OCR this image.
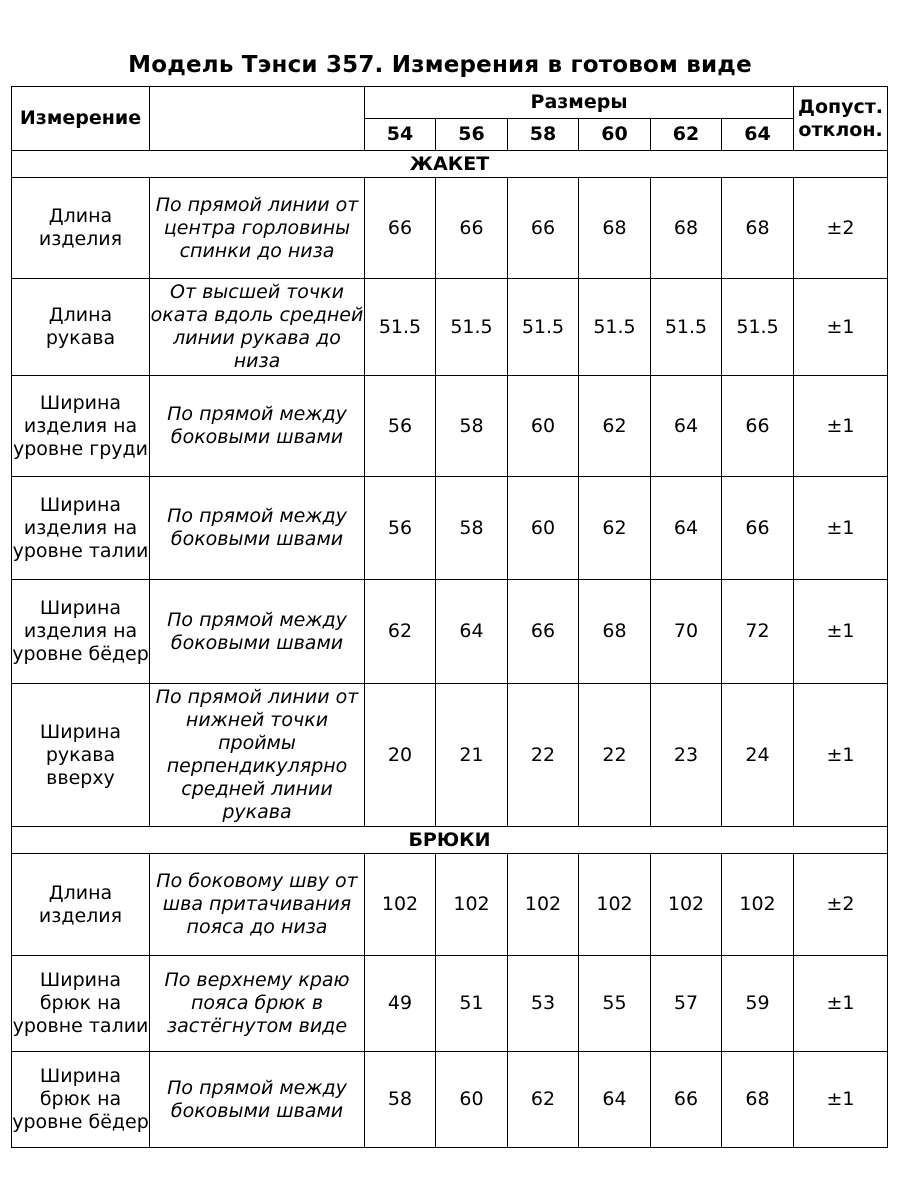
Модель Тэнси 357. Измерения в готовом виде
Измерение		Размеры						Допуст.
отклон.
		54	56	58	60	62	64	
ЖАКЕТ								
Длина изделия	По прямой линии от центра горловины спинки до низа	66	66	66	68	68	68	±2
Длина рукава	От высшей точки оката вдоль средней линии рукава до низа	51.5	51.5	51.5	51.5	51.5	51.5	±1
Ширина изделия на уровне груди	По прямой между боковыми швами	56	58	60	62	64	66	±1
Ширина изделия на уровне талии	По прямой между боковыми швами	56	58	60	62	64	66	±1
Ширина изделия на уровне бёдер	По прямой между боковыми швами	62	64	66	68	70	72	±1
Ширина рукава вверху	По прямой линии от нижней точки проймы перпендикулярно средней линии рукава	20	21	22	22	23	24	±1
БРЮКИ								
Длина изделия	По боковому шву от шва притачивания пояса до низа	102	102	102	102	102	102	±2
Ширина брюк на уровне талии	По верхнему краю пояса брюк в застёгнутом виде	49	51	53	55	57	59	±1
Ширина брюк на уровне бёдер	По прямой между боковыми швами	58	60	62	64	66	68	±1
